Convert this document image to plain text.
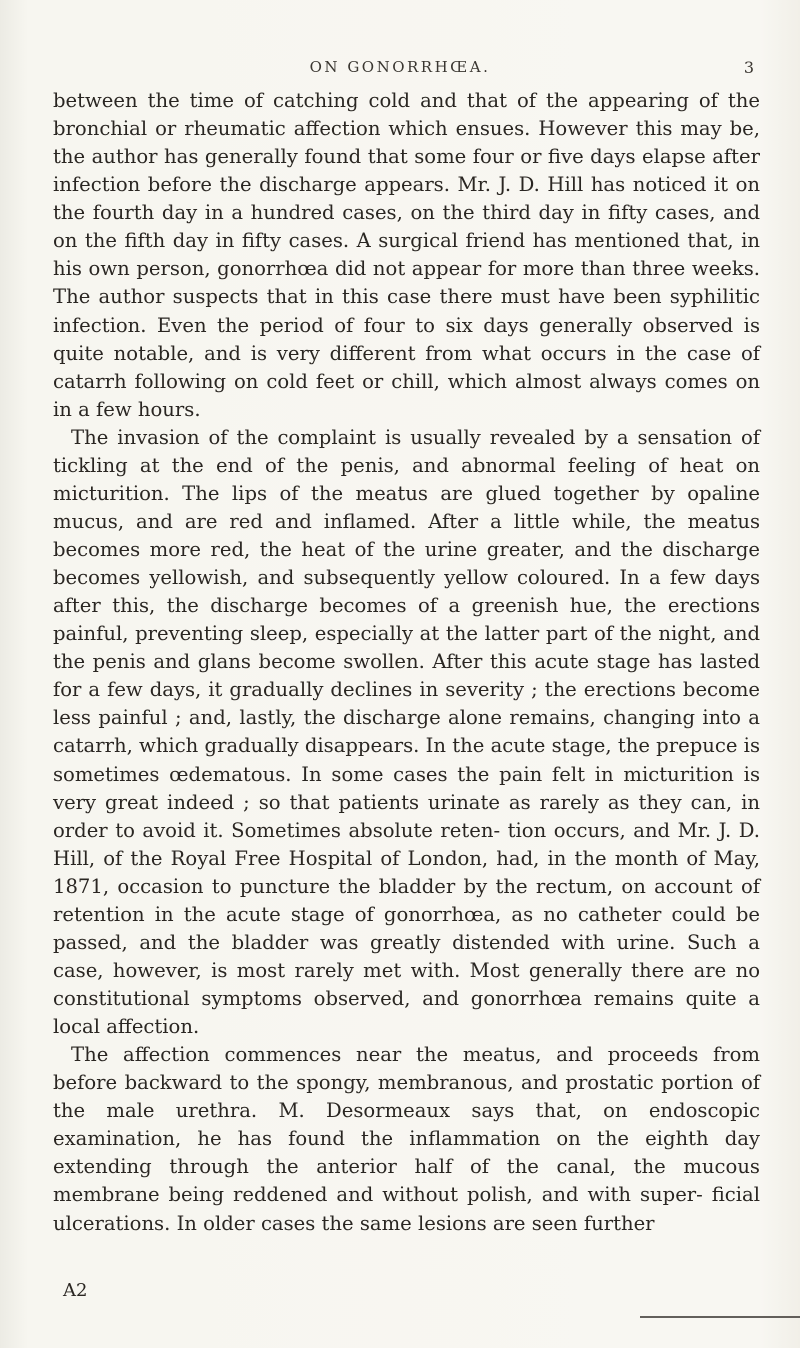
ON GONORRHŒA.	3

between the time of catching cold and that of the appearing of the bronchial or rheumatic affection which ensues. However this may be, the author has generally found that some four or five days elapse after infection before the discharge appears. Mr. J. D. Hill has noticed it on the fourth day in a hundred cases, on the third day in fifty cases, and on the fifth day in fifty cases. A surgical friend has mentioned that, in his own person, gonorrhœa did not appear for more than three weeks. The author suspects that in this case there must have been syphilitic infection. Even the period of four to six days generally observed is quite notable, and is very different from what occurs in the case of catarrh following on cold feet or chill, which almost always comes on in a few hours.

The invasion of the complaint is usually revealed by a sensation of tickling at the end of the penis, and abnormal feeling of heat on micturition. The lips of the meatus are glued together by opaline mucus, and are red and inflamed. After a little while, the meatus becomes more red, the heat of the urine greater, and the discharge becomes yellowish, and subsequently yellow coloured. In a few days after this, the discharge becomes of a greenish hue, the erections painful, preventing sleep, especially at the latter part of the night, and the penis and glans become swollen. After this acute stage has lasted for a few days, it gradually declines in severity ; the erections become less painful ; and, lastly, the discharge alone remains, changing into a catarrh, which gradually disappears. In the acute stage, the prepuce is sometimes œdematous. In some cases the pain felt in micturition is very great indeed ; so that patients urinate as rarely as they can, in order to avoid it. Sometimes absolute reten- tion occurs, and Mr. J. D. Hill, of the Royal Free Hospital of London, had, in the month of May, 1871, occasion to puncture the bladder by the rectum, on account of retention in the acute stage of gonorrhœa, as no catheter could be passed, and the bladder was greatly distended with urine. Such a case, however, is most rarely met with. Most generally there are no constitutional symptoms observed, and gonorrhœa remains quite a local affection.

The affection commences near the meatus, and proceeds from before backward to the spongy, membranous, and prostatic portion of the male urethra. M. Desormeaux says that, on endoscopic examination, he has found the inflammation on the eighth day extending through the anterior half of the canal, the mucous membrane being reddened and without polish, and with super- ficial ulcerations. In older cases the same lesions are seen further

A2
